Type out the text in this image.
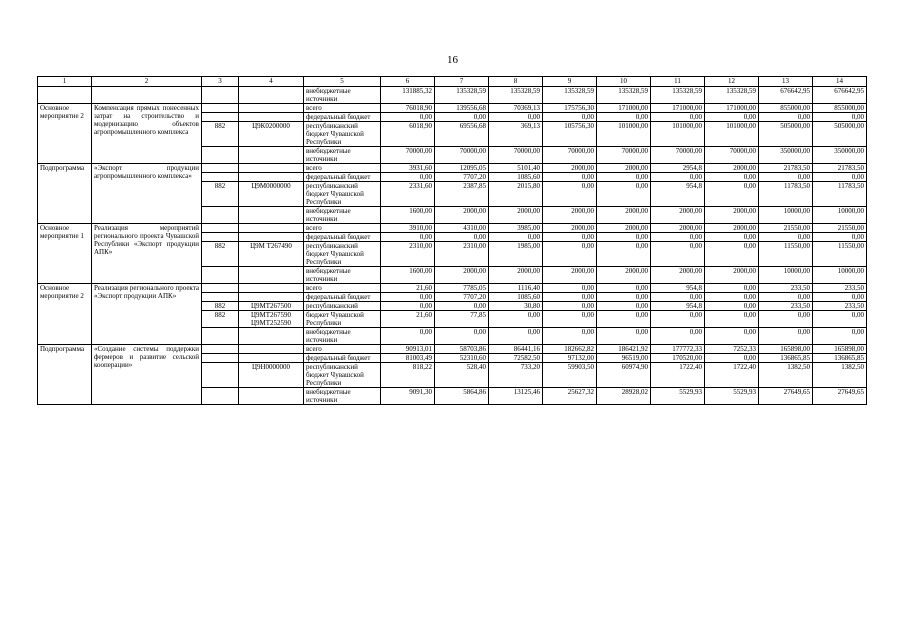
16
1	2	3	4	5	6	7	8	9	10	11	12	13	14
				внебюджетные источники	131885,32	135328,59	135328,59	135328,59	135328,59	135328,59	135328,59	676642,95	676642,95
Основное мероприятие 2	Компенсация прямых понесенных затрат на строительство и модернизацию объектов агропромышленного комплекса			всего	76018,90	139556,68	70369,13	175756,30	171000,00	171000,00	171000,00	855000,00	855000,00
				федеральный бюджет	0,00	0,00	0,00	0,00	0,00	0,00	0,00	0,00	0,00
		882	Ц9К0200000	республиканский бюджет Чувашской Республики	6018,90	69556,68	369,13	105756,30	101000,00	101000,00	101000,00	505000,00	505000,00
				внебюджетные источники	70000,00	70000,00	70000,00	70000,00	70000,00	70000,00	70000,00	350000,00	350000,00
Подпрограмма	«Экспорт продукции агропромышленного комплекса»			всего	3931,60	12095,05	5101,40	2000,00	2000,00	2954,8	2000,00	21783,50	21783,50
				федеральный бюджет	0,00	7707,20	1085,60	0,00	0,00	0,00	0,00	0,00	0,00
		882	Ц9М0000000	республиканский бюджет Чувашской Республики	2331,60	2387,85	2015,80	0,00	0,00	954,8	0,00	11783,50	11783,50
				внебюджетные источники	1600,00	2000,00	2000,00	2000,00	2000,00	2000,00	2000,00	10000,00	10000,00
Основное мероприятие 1	Реализация мероприятий регионального проекта Чувашской Республики «Экспорт продукции АПК»			всего	3910,00	4310,00	3985,00	2000,00	2000,00	2000,00	2000,00	21550,00	21550,00
				федеральный бюджет	0,00	0,00	0,00	0,00	0,00	0,00	0,00	0,00	0,00
		882	Ц9М Т267490	республиканский бюджет Чувашской Республики	2310,00	2310,00	1985,00	0,00	0,00	0,00	0,00	11550,00	11550,00
				внебюджетные источники	1600,00	2000,00	2000,00	2000,00	2000,00	2000,00	2000,00	10000,00	10000,00
Основное мероприятие 2	Реализация регионального проекта «Экспорт продукции АПК»			всего	21,60	7785,05	1116,40	0,00	0,00	954,8	0,00	233,50	233,50
				федеральный бюджет	0,00	7707,20	1085,60	0,00	0,00	0,00	0,00	0,00	0,00
		882	Ц9МТ267500	республиканский	0,00	0,00	30,80	0,00	0,00	954,8	0,00	233,50	233,50
		882	Ц9МТ267590 Ц9МТ252590	бюджет Чувашской Республики	21,60	77,85	0,00	0,00	0,00	0,00	0,00	0,00	0,00
				внебюджетные источники	0,00	0,00	0,00	0,00	0,00	0,00	0,00	0,00	0,00
Подпрограмма	«Создание системы поддержки фермеров и развитие сельской кооперации»			всего	90913,01	58703,86	86441,16	182662,82	186421,92	177772,33	7252,33	165898,00	165898,00
				федеральный бюджет	81003,49	52310,60	72582,50	97132,00	96519,00	170520,00	0,00	136865,85	136865,85
			Ц9Н0000000	республиканский бюджет Чувашской Республики	818,22	528,40	733,20	59903,50	60974,90	1722,40	1722,40	1382,50	1382,50
				внебюджетные источники	9091,30	5864,86	13125,46	25627,32	28928,02	5529,93	5529,93	27649,65	27649,65
